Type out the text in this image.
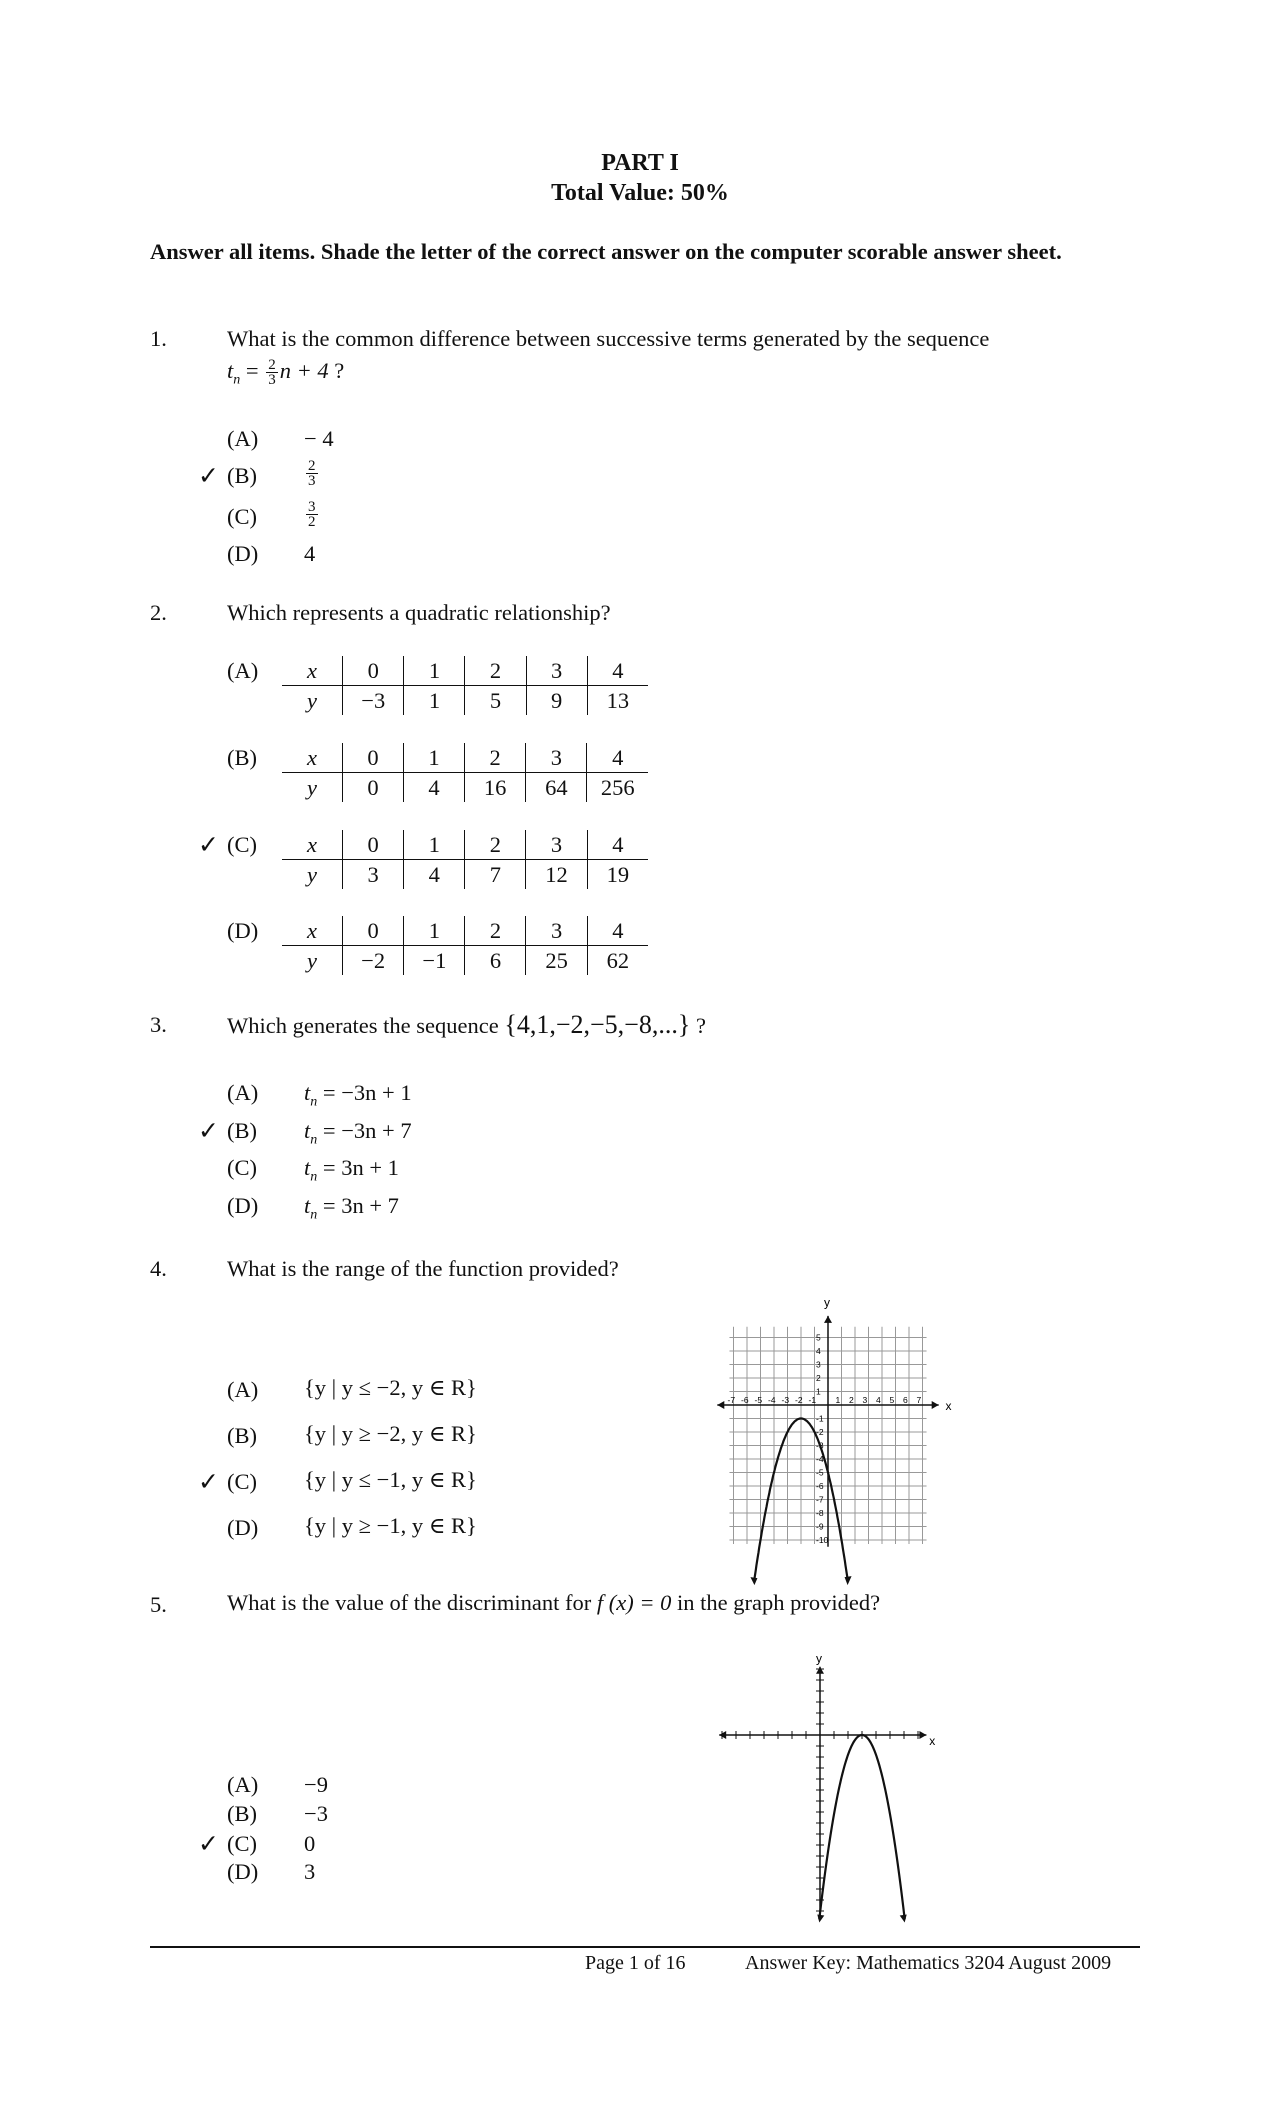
PART I
Total Value: 50%
Answer all items. Shade the letter of the correct answer on the computer scorable answer sheet.
1.	What is the common difference between successive terms generated by the sequence
$t_n = \frac{2}{3}$ n + 4 ?
(A) − 4
✓ (B)	$\frac{2}{3}$
(C)	$\frac{3}{2}$
(D) 4
2.	Which represents a quadratic relationship?
(A) x	0	1	2	3	4
y	−3	1	5	9	13
(B) x	0	1	2	3	4
y	0	4	16	64	256
✓ (C) x	0	1	2	3	4
y	3	4	7	12	19
(D) x	0	1	2	3	4
y	−2	−1	6	25	62
3.	Which generates the sequence {4,1,−2,−5,−8,...} ?
(A) $t_n = -3n + 1$
✓ (B) $t_n = -3n + 7$
(C) $t_n = 3n + 1$
(D) $t_n = 3n + 7$
4.	What is the range of the function provided?
(A) {y | y ≤ −2, y ∈ R}
(B) {y | y ≥ −2, y ∈ R}
✓ (C) {y | y ≤ −1, y ∈ R}
(D) {y | y ≥ −1, y ∈ R}
x
y
-7 -6 -5 -4 -3 -2 -1 1 2 3 4 5 6 7
5
4
3
2
1
-1
-2
-3
-4
-5
-6
-7
-8
-9
-10
5.	What is the value of the discriminant for f (x) = 0 in the graph provided?
(A) −9
(B) −3
✓ (C) 0
(D) 3
x
y
Page 1 of 16	Answer Key: Mathematics 3204 August 2009
